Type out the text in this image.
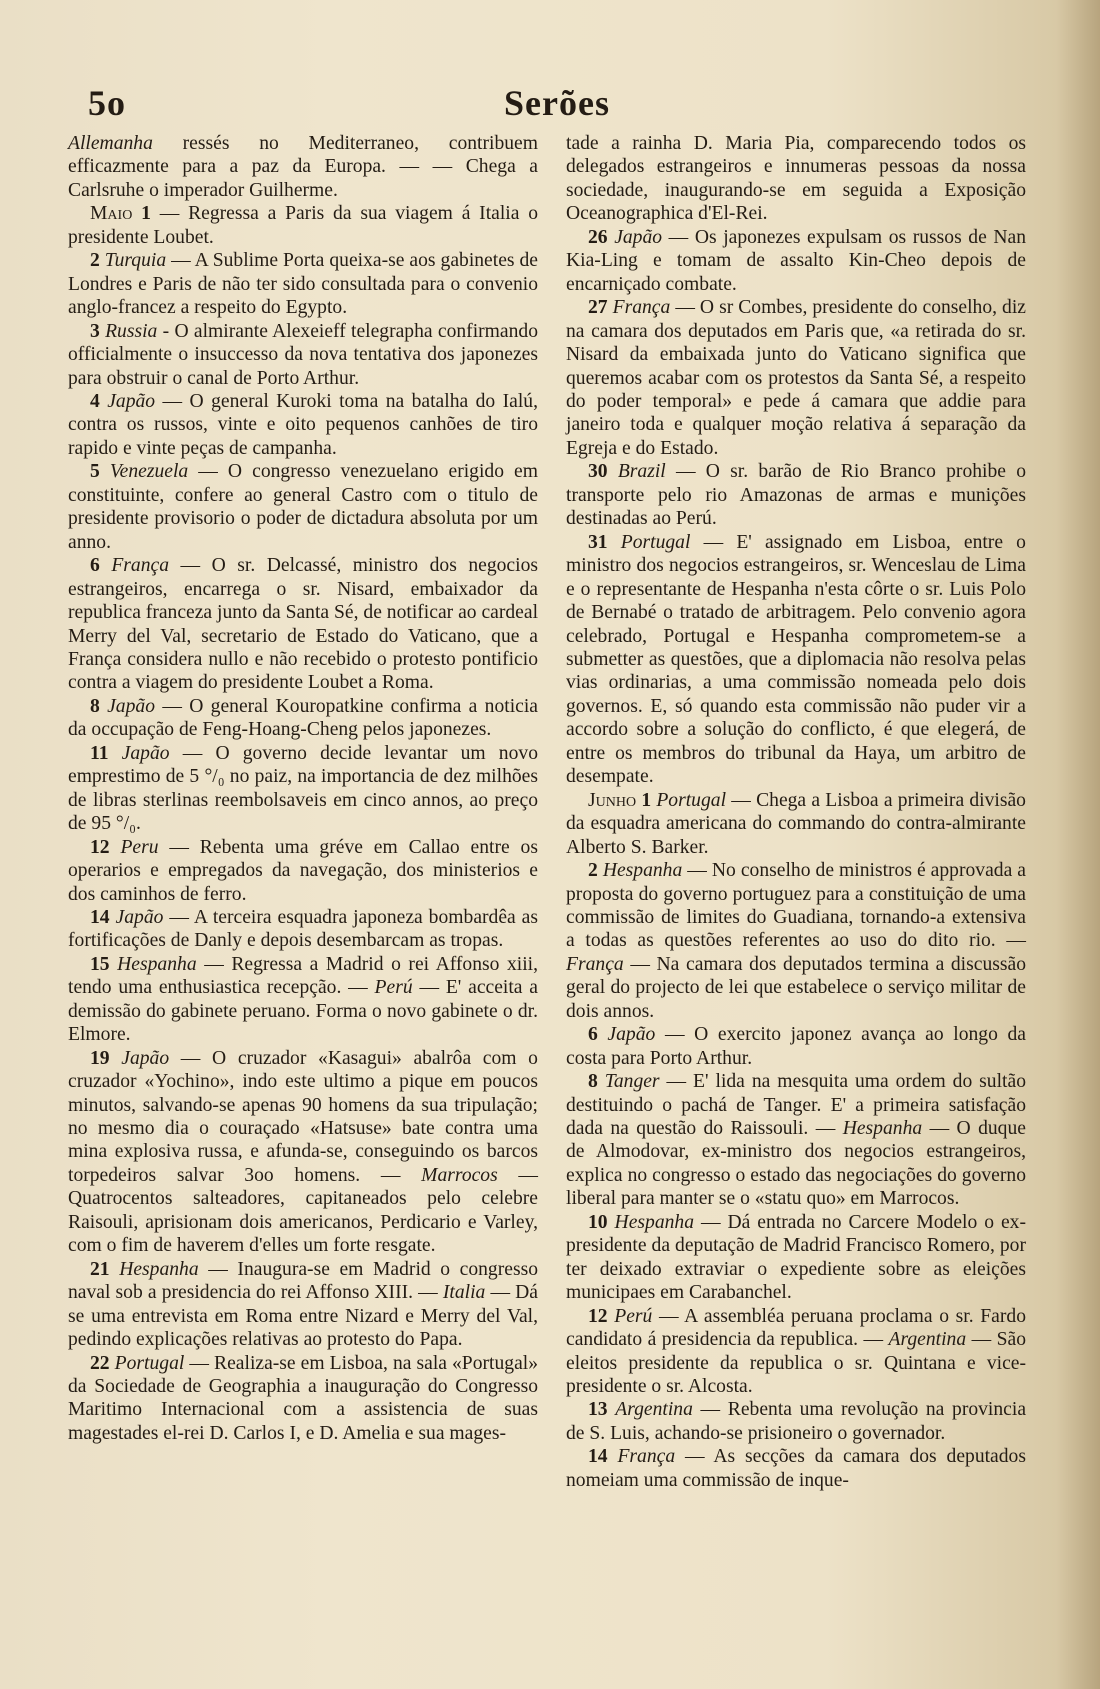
5o	Serões

Allemanha ressés no Mediterraneo, contribuem efficazmente para a paz da Europa. — — Chega a Carlsruhe o imperador Guilherme.

Maio 1 — Regressa a Paris da sua viagem á Italia o presidente Loubet.

2 Turquia — A Sublime Porta queixa-se aos gabinetes de Londres e Paris de não ter sido consultada para o convenio anglo-francez a respeito do Egypto.

3 Russia - O almirante Alexeieff telegrapha confirmando officialmente o insuccesso da nova tentativa dos japonezes para obstruir o canal de Porto Arthur.

4 Japão — O general Kuroki toma na batalha do Ialú, contra os russos, vinte e oito pequenos canhões de tiro rapido e vinte peças de campanha.

5 Venezuela — O congresso venezuelano erigido em constituinte, confere ao general Castro com o titulo de presidente provisorio o poder de dictadura absoluta por um anno.

6 França — O sr. Delcassé, ministro dos negocios estrangeiros, encarrega o sr. Nisard, embaixador da republica franceza junto da Santa Sé, de notificar ao cardeal Merry del Val, secretario de Estado do Vaticano, que a França considera nullo e não recebido o protesto pontificio contra a viagem do presidente Loubet a Roma.

8 Japão — O general Kouropatkine confirma a noticia da occupação de Feng-Hoang-Cheng pelos japonezes.

11 Japão — O governo decide levantar um novo emprestimo de 5 °/₀ no paiz, na importancia de dez milhões de libras sterlinas reembolsaveis em cinco annos, ao preço de 95 °/₀.

12 Peru — Rebenta uma gréve em Callao entre os operarios e empregados da navegação, dos ministerios e dos caminhos de ferro.

14 Japão — A terceira esquadra japoneza bombardêa as fortificações de Danly e depois desembarcam as tropas.

15 Hespanha — Regressa a Madrid o rei Affonso xiii, tendo uma enthusiastica recepção. — Perú — E' acceita a demissão do gabinete peruano. Forma o novo gabinete o dr. Elmore.

19 Japão — O cruzador «Kasagui» abalrôa com o cruzador «Yochino», indo este ultimo a pique em poucos minutos, salvando-se apenas 90 homens da sua tripulação; no mesmo dia o couraçado «Hatsuse» bate contra uma mina explosiva russa, e afunda-se, conseguindo os barcos torpedeiros salvar 3oo homens. — Marrocos — Quatrocentos salteadores, capitaneados pelo celebre Raisouli, aprisionam dois americanos, Perdicario e Varley, com o fim de haverem d'elles um forte resgate.

21 Hespanha — Inaugura-se em Madrid o congresso naval sob a presidencia do rei Affonso XIII. — Italia — Dá se uma entrevista em Roma entre Nizard e Merry del Val, pedindo explicações relativas ao protesto do Papa.

22 Portugal — Realiza-se em Lisboa, na sala «Portugal» da Sociedade de Geographia a inauguração do Congresso Maritimo Internacional com a assistencia de suas magestades el-rei D. Carlos I, e D. Amelia e sua mages-

tade a rainha D. Maria Pia, comparecendo todos os delegados estrangeiros e innumeras pessoas da nossa sociedade, inaugurando-se em seguida a Exposição Oceanographica d'El-Rei.

26 Japão — Os japonezes expulsam os russos de Nan Kia-Ling e tomam de assalto Kin-Cheo depois de encarniçado combate.

27 França — O sr Combes, presidente do conselho, diz na camara dos deputados em Paris que, «a retirada do sr. Nisard da embaixada junto do Vaticano significa que queremos acabar com os protestos da Santa Sé, a respeito do poder temporal» e pede á camara que addie para janeiro toda e qualquer moção relativa á separação da Egreja e do Estado.

30 Brazil — O sr. barão de Rio Branco prohibe o transporte pelo rio Amazonas de armas e munições destinadas ao Perú.

31 Portugal — E' assignado em Lisboa, entre o ministro dos negocios estrangeiros, sr. Wenceslau de Lima e o representante de Hespanha n'esta côrte o sr. Luis Polo de Bernabé o tratado de arbitragem. Pelo convenio agora celebrado, Portugal e Hespanha comprometem-se a submetter as questões, que a diplomacia não resolva pelas vias ordinarias, a uma commissão nomeada pelo dois governos. E, só quando esta commissão não puder vir a accordo sobre a solução do conflicto, é que elegerá, de entre os membros do tribunal da Haya, um arbitro de desempate.

Junho 1 Portugal — Chega a Lisboa a primeira divisão da esquadra americana do commando do contra-almirante Alberto S. Barker.

2 Hespanha — No conselho de ministros é approvada a proposta do governo portuguez para a constituição de uma commissão de limites do Guadiana, tornando-a extensiva a todas as questões referentes ao uso do dito rio. — França — Na camara dos deputados termina a discussão geral do projecto de lei que estabelece o serviço militar de dois annos.

6 Japão — O exercito japonez avança ao longo da costa para Porto Arthur.

8 Tanger — E' lida na mesquita uma ordem do sultão destituindo o pachá de Tanger. E' a primeira satisfação dada na questão do Raissouli. — Hespanha — O duque de Almodovar, ex-ministro dos negocios estrangeiros, explica no congresso o estado das negociações do governo liberal para manter se o «statu quo» em Marrocos.

10 Hespanha — Dá entrada no Carcere Modelo o ex-presidente da deputação de Madrid Francisco Romero, por ter deixado extraviar o expediente sobre as eleições municipaes em Carabanchel.

12 Perú — A assembléa peruana proclama o sr. Fardo candidato á presidencia da republica. — Argentina — São eleitos presidente da republica o sr. Quintana e vice-presidente o sr. Alcosta.

13 Argentina — Rebenta uma revolução na provincia de S. Luis, achando-se prisioneiro o governador.

14 França — As secções da camara dos deputados nomeiam uma commissão de inque-
